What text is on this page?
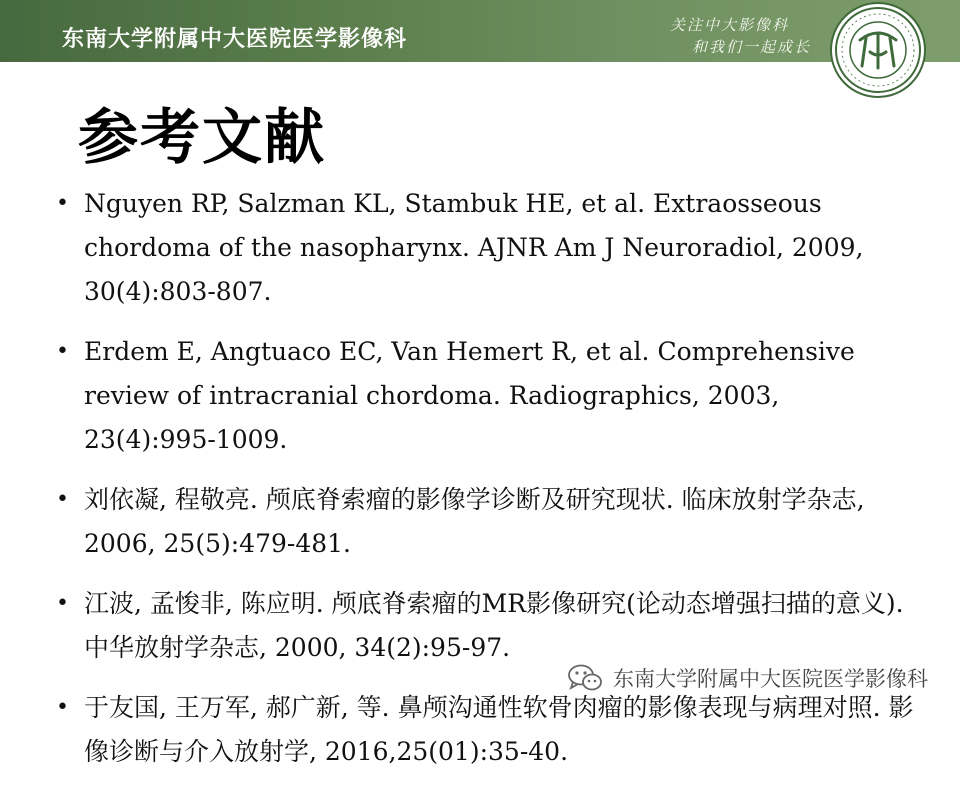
东南大学附属中大医院医学影像科
关注中大影像科
和我们一起成长
参考文献
• Nguyen RP, Salzman KL, Stambuk HE, et al. Extraosseous chordoma of the nasopharynx. AJNR Am J Neuroradiol, 2009, 30(4):803-807.
• Erdem E, Angtuaco EC, Van Hemert R, et al. Comprehensive review of intracranial chordoma. Radiographics, 2003, 23(4):995-1009.
• 刘依凝, 程敬亮. 颅底脊索瘤的影像学诊断及研究现状. 临床放射学杂志, 2006, 25(5):479-481.
• 江波, 孟悛非, 陈应明. 颅底脊索瘤的MR影像研究(论动态增强扫描的意义). 中华放射学杂志, 2000, 34(2):95-97.
• 于友国, 王万军, 郝广新, 等. 鼻颅沟通性软骨肉瘤的影像表现与病理对照. 影像诊断与介入放射学, 2016,25(01):35-40.
东南大学附属中大医院医学影像科
